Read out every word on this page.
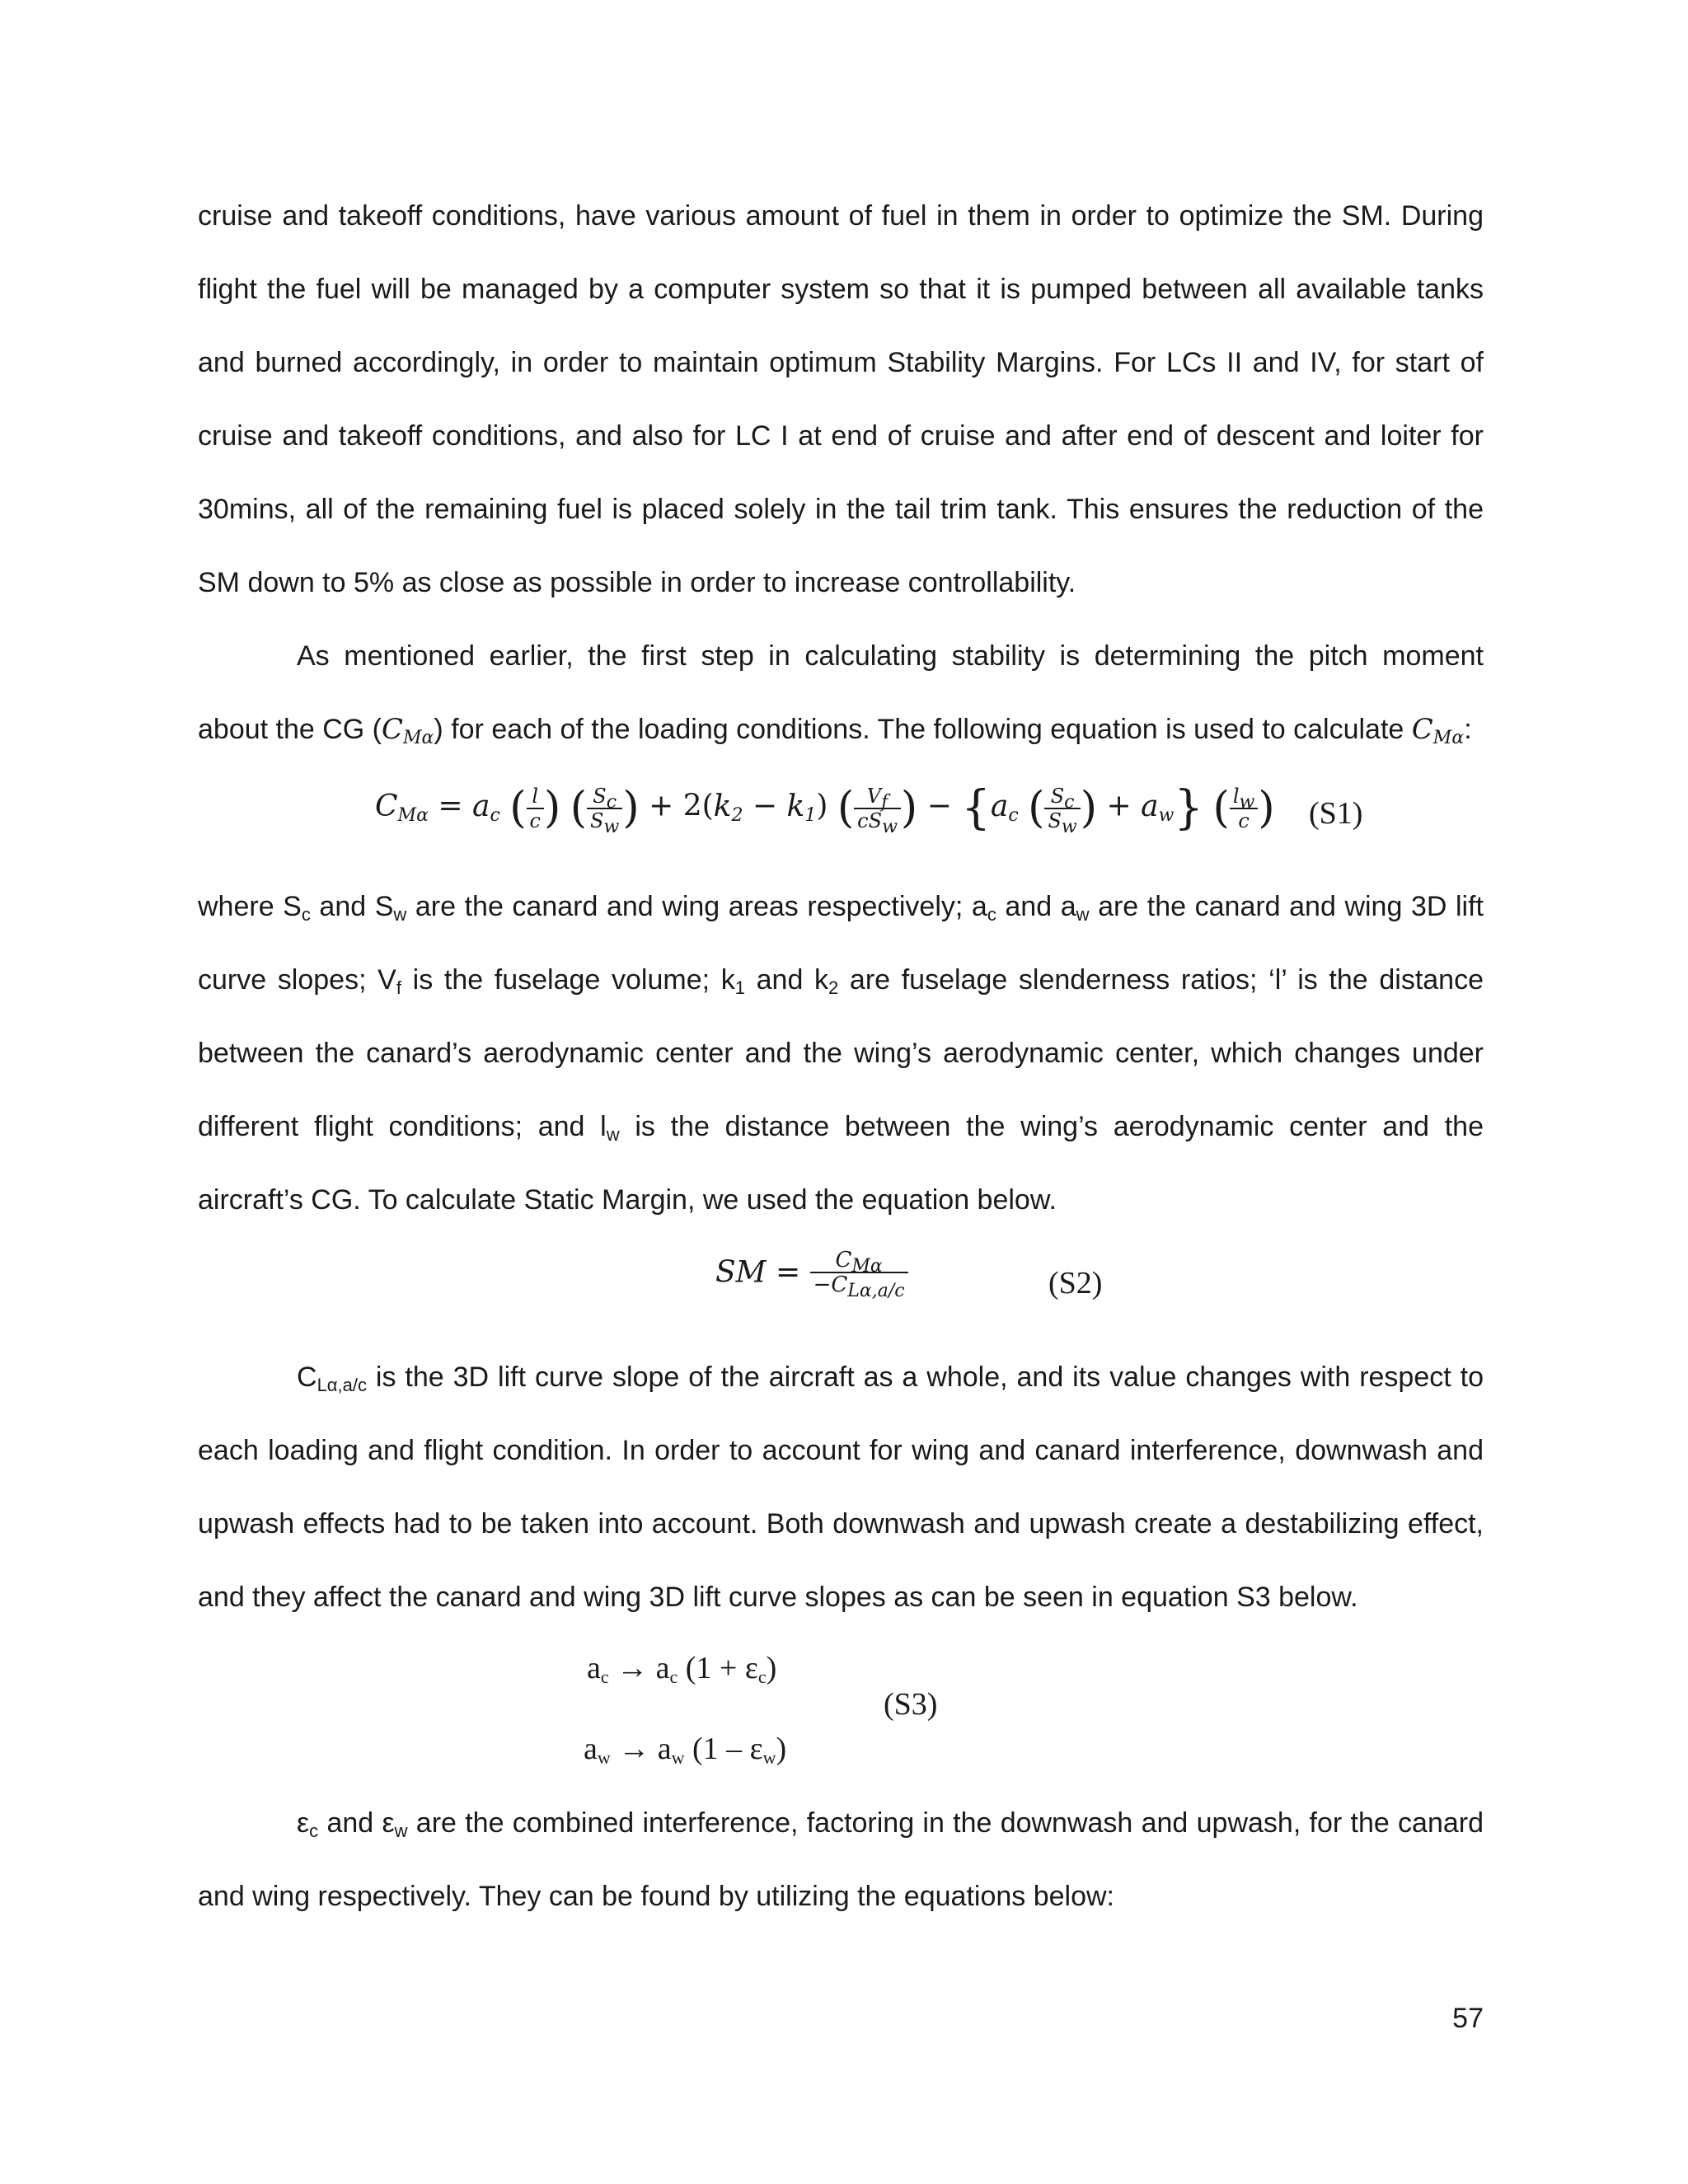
cruise and takeoff conditions, have various amount of fuel in them in order to optimize the SM. During
flight the fuel will be managed by a computer system so that it is pumped between all available tanks
and burned accordingly, in order to maintain optimum Stability Margins. For LCs II and IV, for start of
cruise and takeoff conditions, and also for LC I at end of cruise and after end of descent and loiter for
30mins, all of the remaining fuel is placed solely in the tail trim tank. This ensures the reduction of the
SM down to 5% as close as possible in order to increase controllability.
As mentioned earlier, the first step in calculating stability is determining the pitch moment
about the CG $(C_{M\alpha})$ for each of the loading conditions. The following equation is used to calculate $C_{M\alpha}$:
$C_{M\alpha} = a_c$ ( $\frac{l}{c}$ ) ( $\frac{S_c}{S_w}$ ) + $2(k_2 - k_1)$ ( $\frac{V_f}{cS_w}$ ) − {$a_c$ ( $\frac{S_c}{S_w}$ ) + $a_w$} ( $\frac{l_w}{c}$ ) (S1)
where $S_c$ and $S_w$ are the canard and wing areas respectively; $a_c$ and $a_w$ are the canard and wing 3D lift
curve slopes; $V_f$ is the fuselage volume; $k_1$ and $k_2$ are fuselage slenderness ratios; ‘l’ is the distance
between the canard’s aerodynamic center and the wing’s aerodynamic center, which changes under
different flight conditions; and $l_w$ is the distance between the wing’s aerodynamic center and the
aircraft’s CG. To calculate Static Margin, we used the equation below.
SM = $\frac{C_{M\alpha}}{-C_{L\alpha,a/c}}$	(S2)
$C_{L\alpha,a/c}$ is the 3D lift curve slope of the aircraft as a whole, and its value changes with respect to
each loading and flight condition. In order to account for wing and canard interference, downwash and
upwash effects had to be taken into account. Both downwash and upwash create a destabilizing effect,
and they affect the canard and wing 3D lift curve slopes as can be seen in equation S3 below.
$a_c \to a_c$ $(1 + \varepsilon_c)$
$a_w \to a_w$ $(1 - \varepsilon_w)$
(S3)
$\varepsilon_c$ and $\varepsilon_w$ are the combined interference, factoring in the downwash and upwash, for the canard
and wing respectively. They can be found by utilizing the equations below:
57
